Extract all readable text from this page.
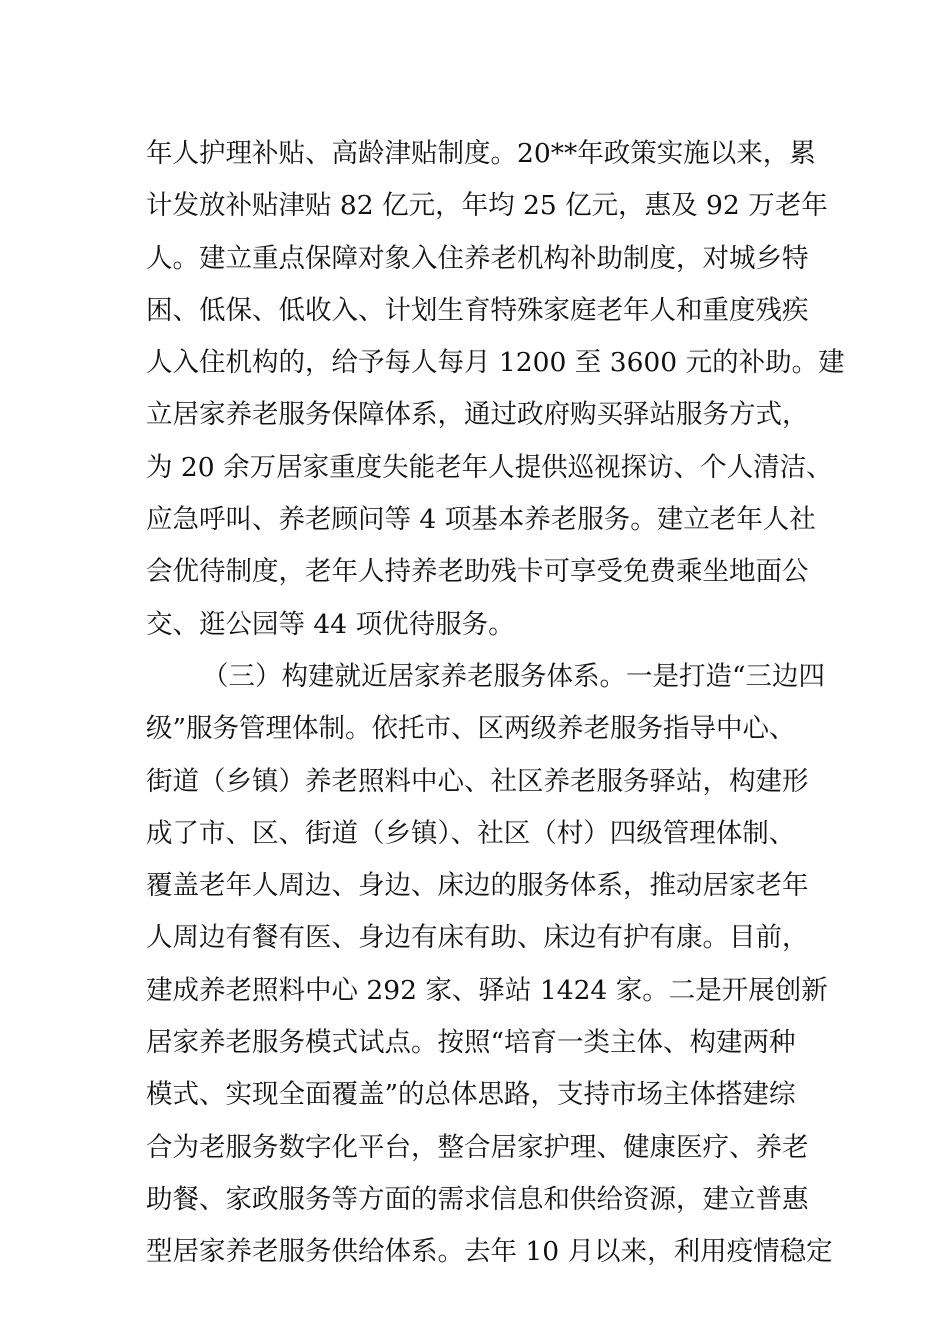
年人护理补贴、高龄津贴制度。20**年政策实施以来，累
计发放补贴津贴 82 亿元，年均 25 亿元，惠及 92 万老年
人。建立重点保障对象入住养老机构补助制度，对城乡特
困、低保、低收入、计划生育特殊家庭老年人和重度残疾
人入住机构的，给予每人每月 1200 至 3600 元的补助。建
立居家养老服务保障体系，通过政府购买驿站服务方式，
为 20 余万居家重度失能老年人提供巡视探访、个人清洁、
应急呼叫、养老顾问等 4 项基本养老服务。建立老年人社
会优待制度，老年人持养老助残卡可享受免费乘坐地面公
交、逛公园等 44 项优待服务。
（三）构建就近居家养老服务体系。一是打造“三边四
级”服务管理体制。依托市、区两级养老服务指导中心、
街道（乡镇）养老照料中心、社区养老服务驿站，构建形
成了市、区、街道（乡镇）、社区（村）四级管理体制、
覆盖老年人周边、身边、床边的服务体系，推动居家老年
人周边有餐有医、身边有床有助、床边有护有康。目前，
建成养老照料中心 292 家、驿站 1424 家。二是开展创新
居家养老服务模式试点。按照“培育一类主体、构建两种
模式、实现全面覆盖”的总体思路，支持市场主体搭建综
合为老服务数字化平台，整合居家护理、健康医疗、养老
助餐、家政服务等方面的需求信息和供给资源，建立普惠
型居家养老服务供给体系。去年 10 月以来，利用疫情稳定
